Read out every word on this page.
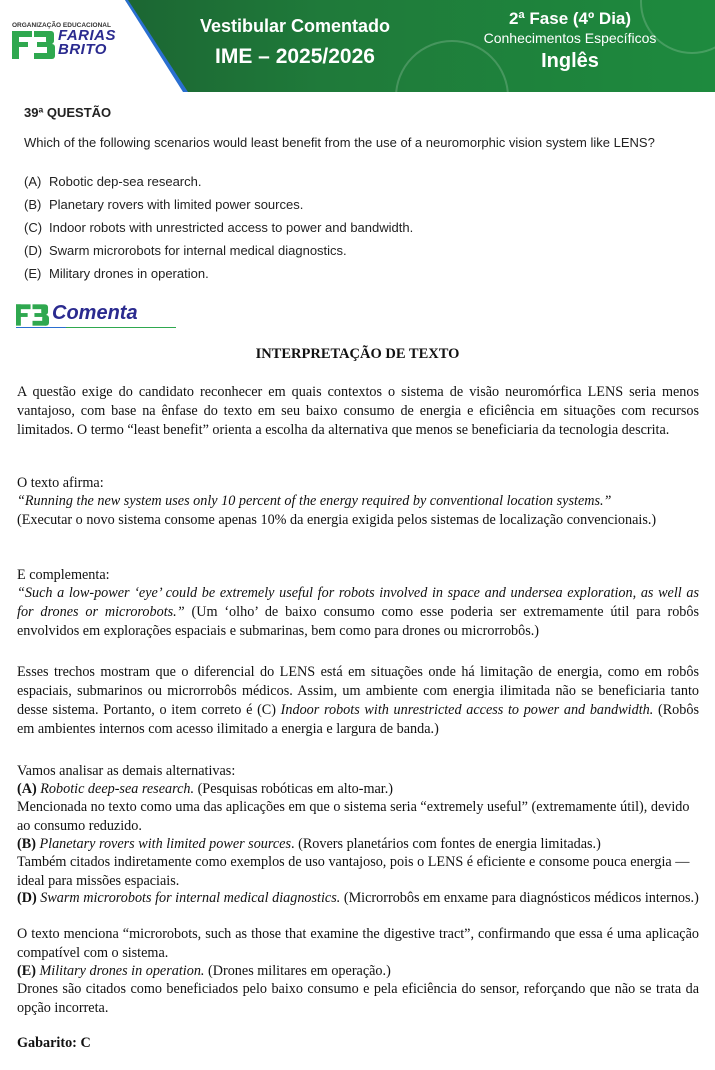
ORGANIZAÇÃO EDUCACIONAL
FARIAS
BRITO
Vestibular Comentado
IME – 2025/2026
2ª Fase (4º Dia)
Conhecimentos Específicos
Inglês
39ª QUESTÃO
Which of the following scenarios would least benefit from the use of a neuromorphic vision system like LENS?
(A) Robotic dep-sea research.
(B) Planetary rovers with limited power sources.
(C) Indoor robots with unrestricted access to power and bandwidth.
(D) Swarm microrobots for internal medical diagnostics.
(E) Military drones in operation.
Comenta
INTERPRETAÇÃO DE TEXTO
A questão exige do candidato reconhecer em quais contextos o sistema de visão neuromórfica LENS seria menos vantajoso, com base na ênfase do texto em seu baixo consumo de energia e eficiência em situações com recursos limitados. O termo “least benefit” orienta a escolha da alternativa que menos se beneficiaria da tecnologia descrita.
O texto afirma:
“Running the new system uses only 10 percent of the energy required by conventional location systems.”
(Executar o novo sistema consome apenas 10% da energia exigida pelos sistemas de localização convencionais.)
E complementa:
“Such a low-power ‘eye’ could be extremely useful for robots involved in space and undersea exploration, as well as for drones or microrobots.” (Um ‘olho’ de baixo consumo como esse poderia ser extremamente útil para robôs envolvidos em explorações espaciais e submarinas, bem como para drones ou microrrobôs.)
Esses trechos mostram que o diferencial do LENS está em situações onde há limitação de energia, como em robôs espaciais, submarinos ou microrrobôs médicos. Assim, um ambiente com energia ilimitada não se beneficiaria tanto desse sistema. Portanto, o item correto é (C) Indoor robots with unrestricted access to power and bandwidth. (Robôs em ambientes internos com acesso ilimitado a energia e largura de banda.)
Vamos analisar as demais alternativas:
(A) Robotic deep-sea research. (Pesquisas robóticas em alto-mar.)
Mencionada no texto como uma das aplicações em que o sistema seria “extremely useful” (extremamente útil), devido ao consumo reduzido.
(B) Planetary rovers with limited power sources. (Rovers planetários com fontes de energia limitadas.)
Também citados indiretamente como exemplos de uso vantajoso, pois o LENS é eficiente e consome pouca energia — ideal para missões espaciais.
(D) Swarm microrobots for internal medical diagnostics. (Microrrobôs em enxame para diagnósticos médicos internos.)
O texto menciona “microrobots, such as those that examine the digestive tract”, confirmando que essa é uma aplicação compatível com o sistema.
(E) Military drones in operation. (Drones militares em operação.)
Drones são citados como beneficiados pelo baixo consumo e pela eficiência do sensor, reforçando que não se trata da opção incorreta.
Gabarito: C
